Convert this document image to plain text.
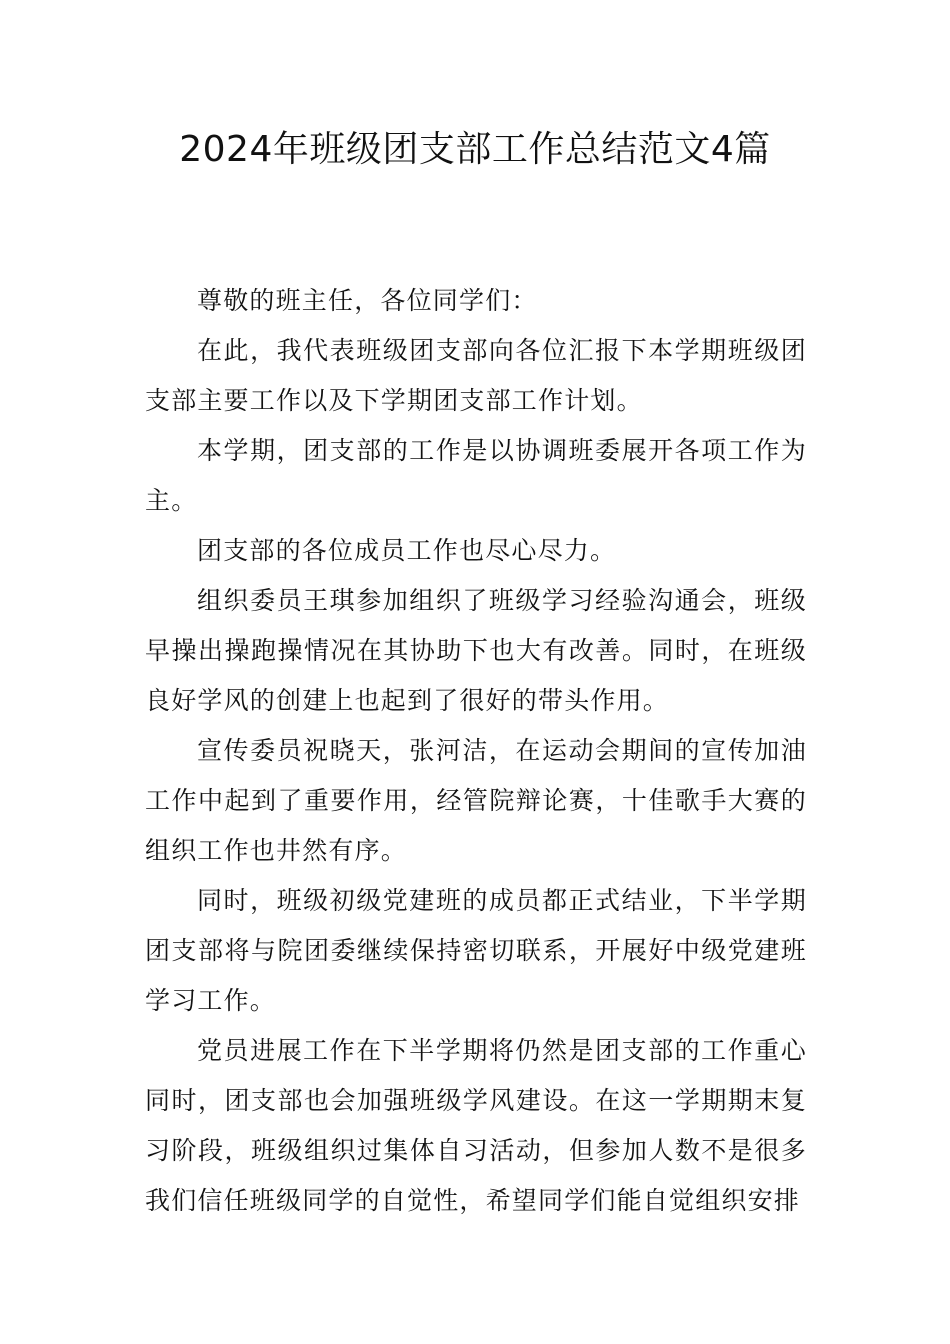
2024年班级团支部工作总结范文4篇

尊敬的班主任，各位同学们：

在此，我代表班级团支部向各位汇报下本学期班级团支部主要工作以及下学期团支部工作计划。

本学期，团支部的工作是以协调班委展开各项工作为主。

团支部的各位成员工作也尽心尽力。

组织委员王琪参加组织了班级学习经验沟通会，班级早操出操跑操情况在其协助下也大有改善。同时，在班级良好学风的创建上也起到了很好的带头作用。

宣传委员祝晓天，张河洁，在运动会期间的宣传加油工作中起到了重要作用，经管院辩论赛，十佳歌手大赛的组织工作也井然有序。

同时，班级初级党建班的成员都正式结业，下半学期团支部将与院团委继续保持密切联系，开展好中级党建班学习工作。

党员进展工作在下半学期将仍然是团支部的工作重心同时，团支部也会加强班级学风建设。在这一学期期末复习阶段，班级组织过集体自习活动，但参加人数不是很多我们信任班级同学的自觉性，希望同学们能自觉组织安排
